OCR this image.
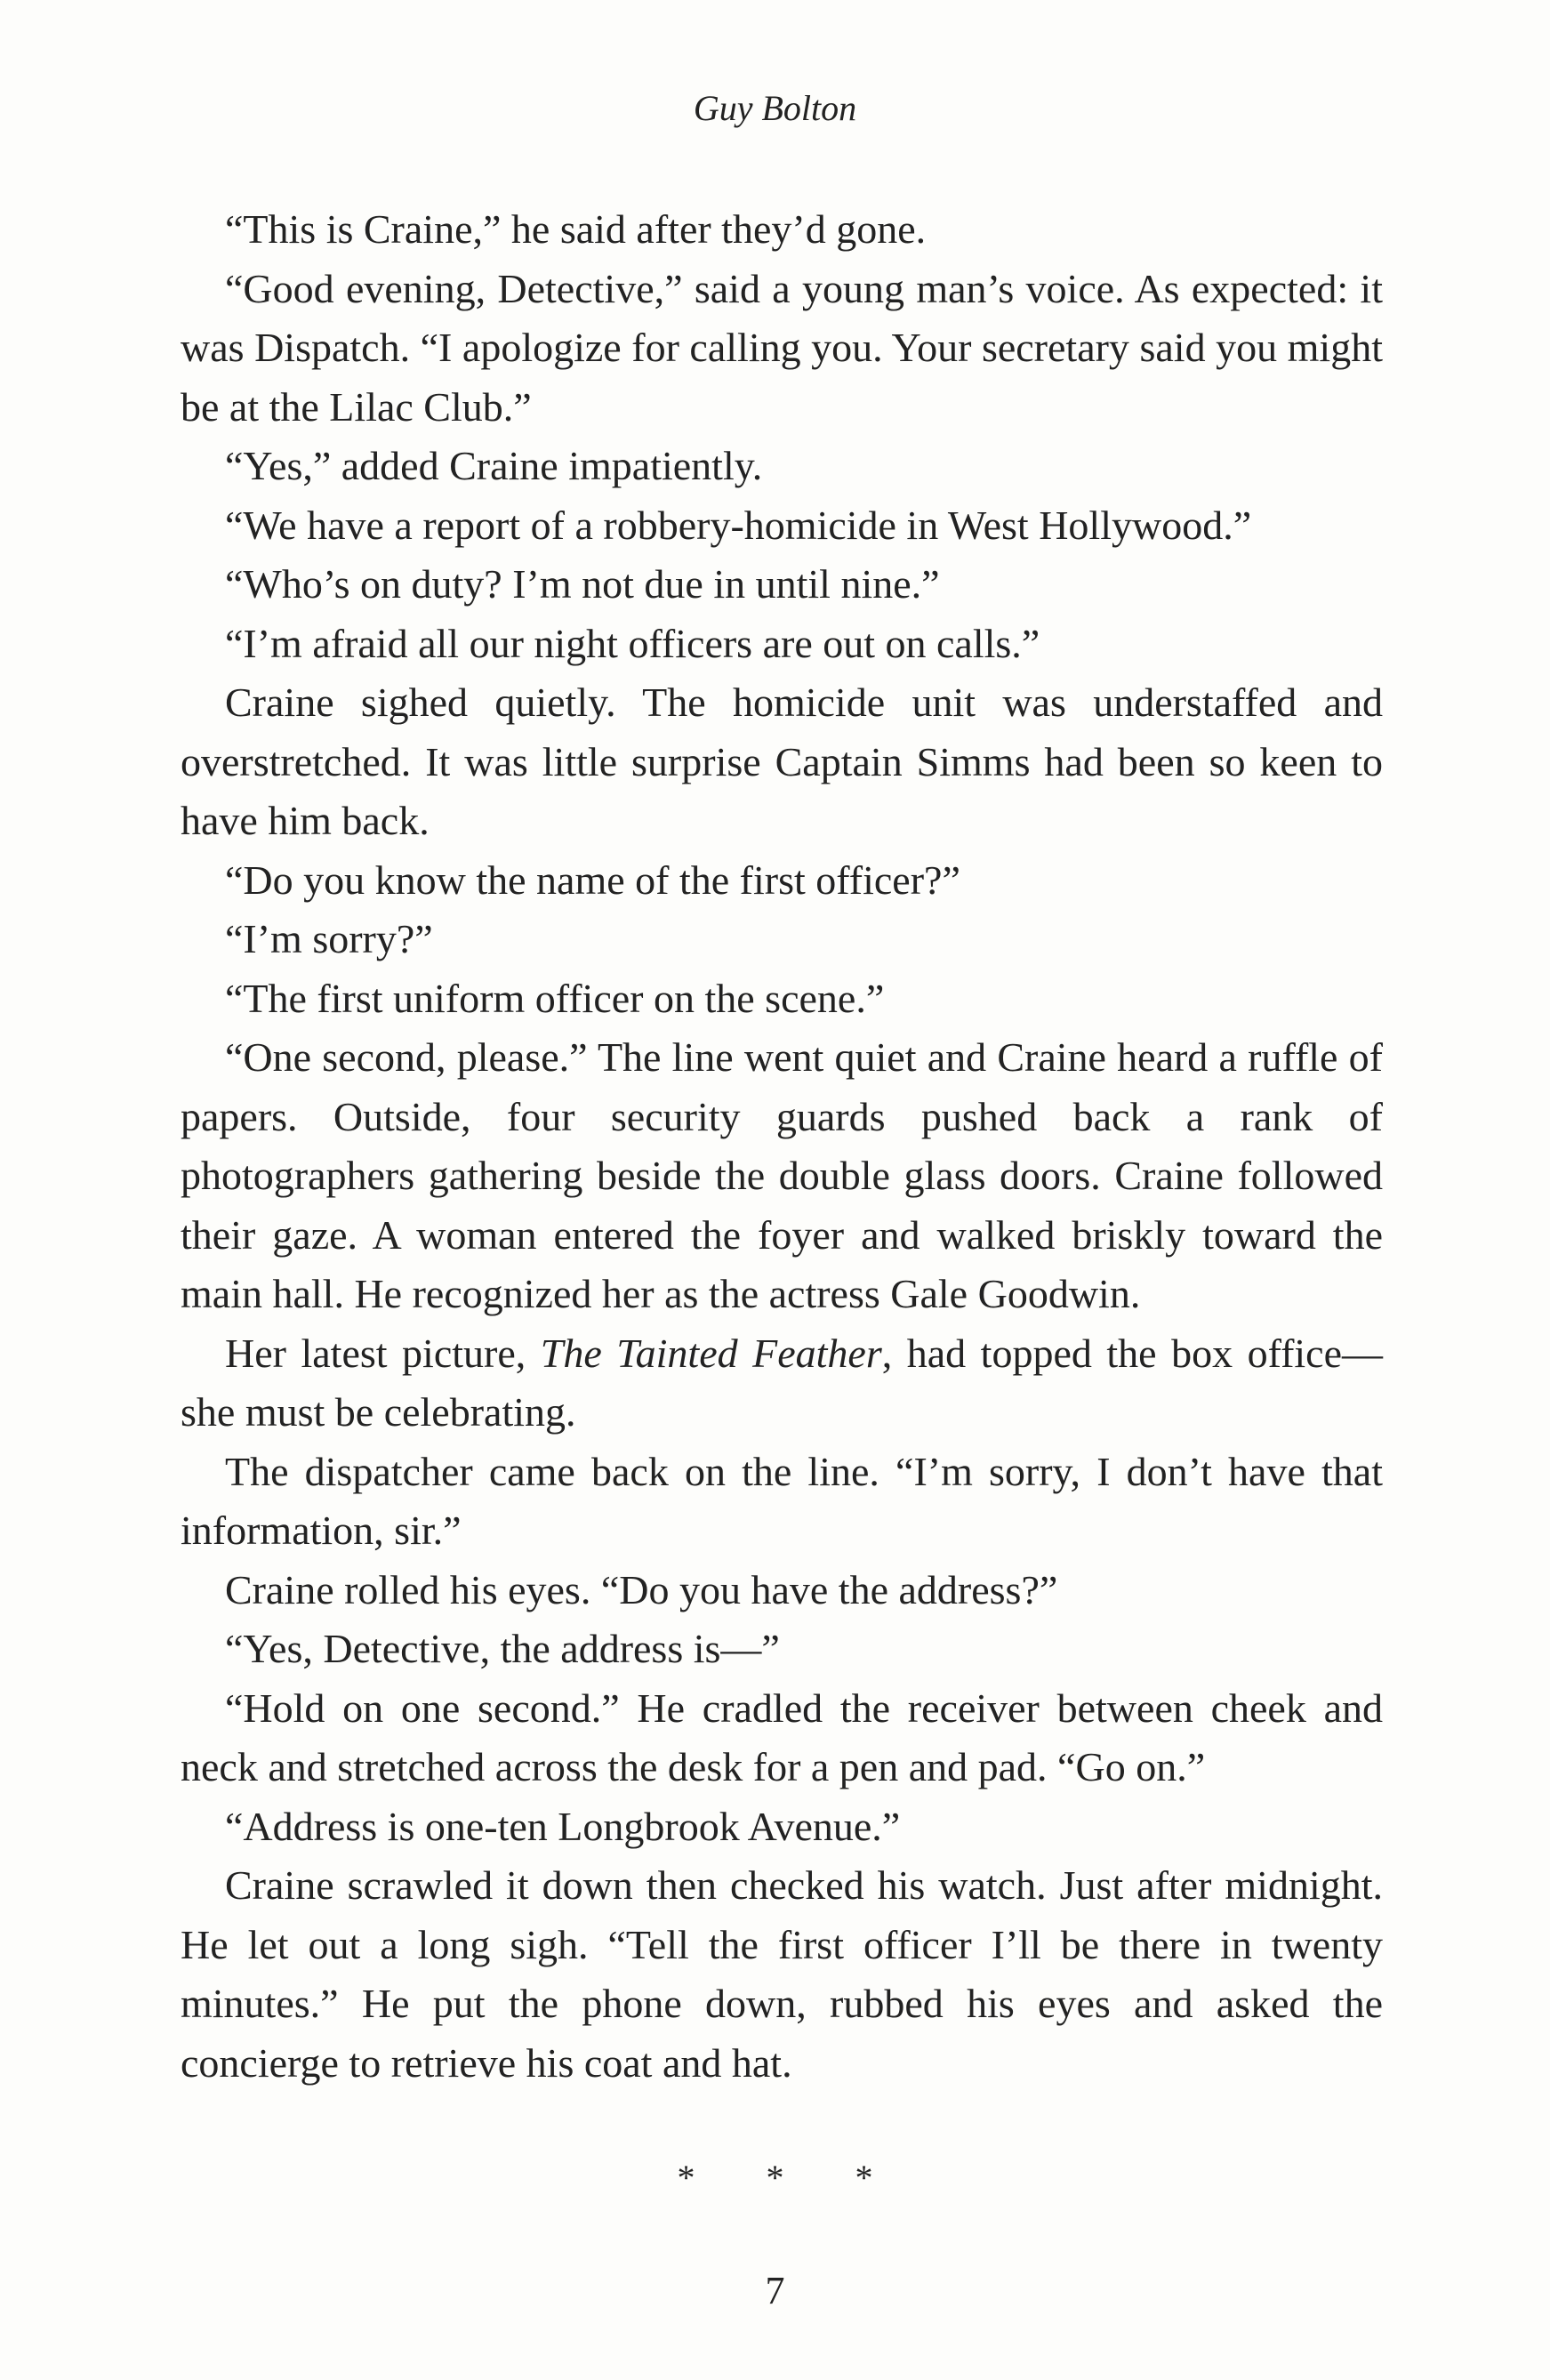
Guy Bolton

“This is Craine,” he said after they’d gone.

“Good evening, Detective,” said a young man’s voice. As expected: it was Dispatch. “I apologize for calling you. Your secretary said you might be at the Lilac Club.”

“Yes,” added Craine impatiently.

“We have a report of a robbery-homicide in West Hollywood.”

“Who’s on duty? I’m not due in until nine.”

“I’m afraid all our night officers are out on calls.”

Craine sighed quietly. The homicide unit was understaffed and overstretched. It was little surprise Captain Simms had been so keen to have him back.

“Do you know the name of the first officer?”

“I’m sorry?”

“The first uniform officer on the scene.”

“One second, please.” The line went quiet and Craine heard a ruffle of papers. Outside, four security guards pushed back a rank of photographers gathering beside the double glass doors. Craine followed their gaze. A woman entered the foyer and walked briskly toward the main hall. He recognized her as the actress Gale Goodwin.

Her latest picture, The Tainted Feather, had topped the box office—she must be celebrating.

The dispatcher came back on the line. “I’m sorry, I don’t have that information, sir.”

Craine rolled his eyes. “Do you have the address?”

“Yes, Detective, the address is—”

“Hold on one second.” He cradled the receiver between cheek and neck and stretched across the desk for a pen and pad. “Go on.”

“Address is one-ten Longbrook Avenue.”

Craine scrawled it down then checked his watch. Just after midnight. He let out a long sigh. “Tell the first officer I’ll be there in twenty minutes.” He put the phone down, rubbed his eyes and asked the concierge to retrieve his coat and hat.

* * *
7
